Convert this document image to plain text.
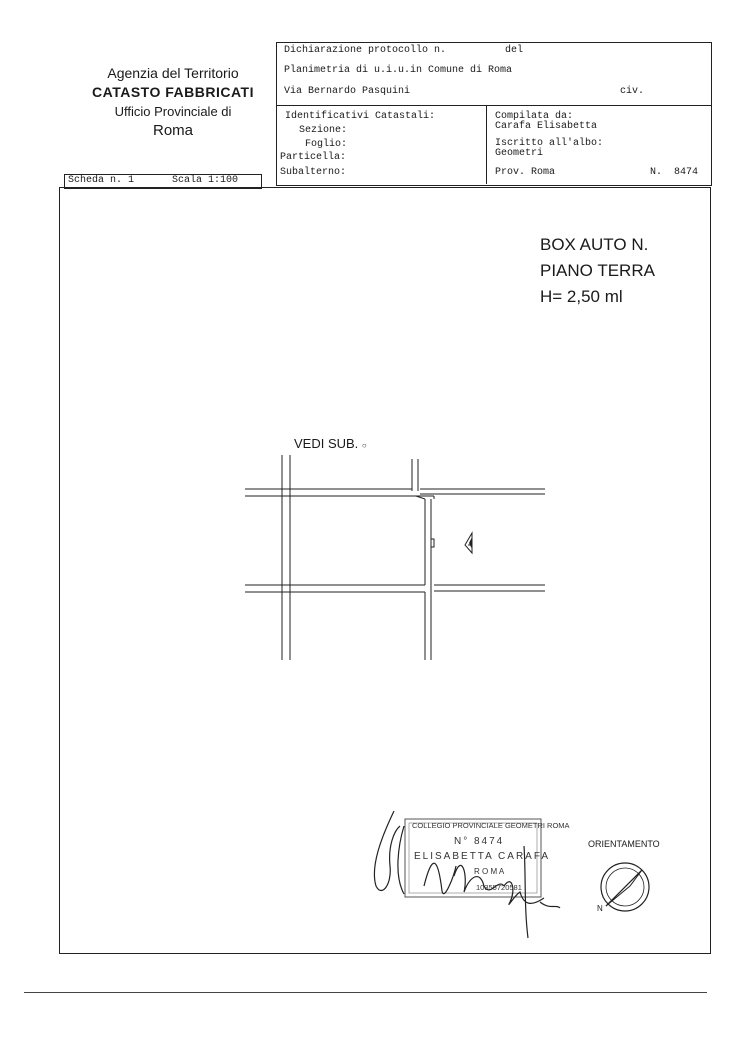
Agenzia del Territorio
CATASTO FABBRICATI
Ufficio Provinciale di
Roma
Dichiarazione protocollo n.	del
Planimetria di u.i.u.in Comune di Roma
Via Bernardo Pasquini	civ.
Identificativi Catastali:
Sezione:
Foglio:
Particella:
Subalterno:
Compilata da:
Carafa Elisabetta
Iscritto all'albo:
Geometri
Prov. Roma	N.  8474
Scheda n. 1	Scala 1:100
BOX AUTO N.
PIANO TERRA
H= 2,50 ml
VEDI SUB. ○
COLLEGIO PROVINCIALE GEOMETRI ROMA
N° 8474
ELISABETTA CARAFA
R O M A
10355720581
ORIENTAMENTO
N
